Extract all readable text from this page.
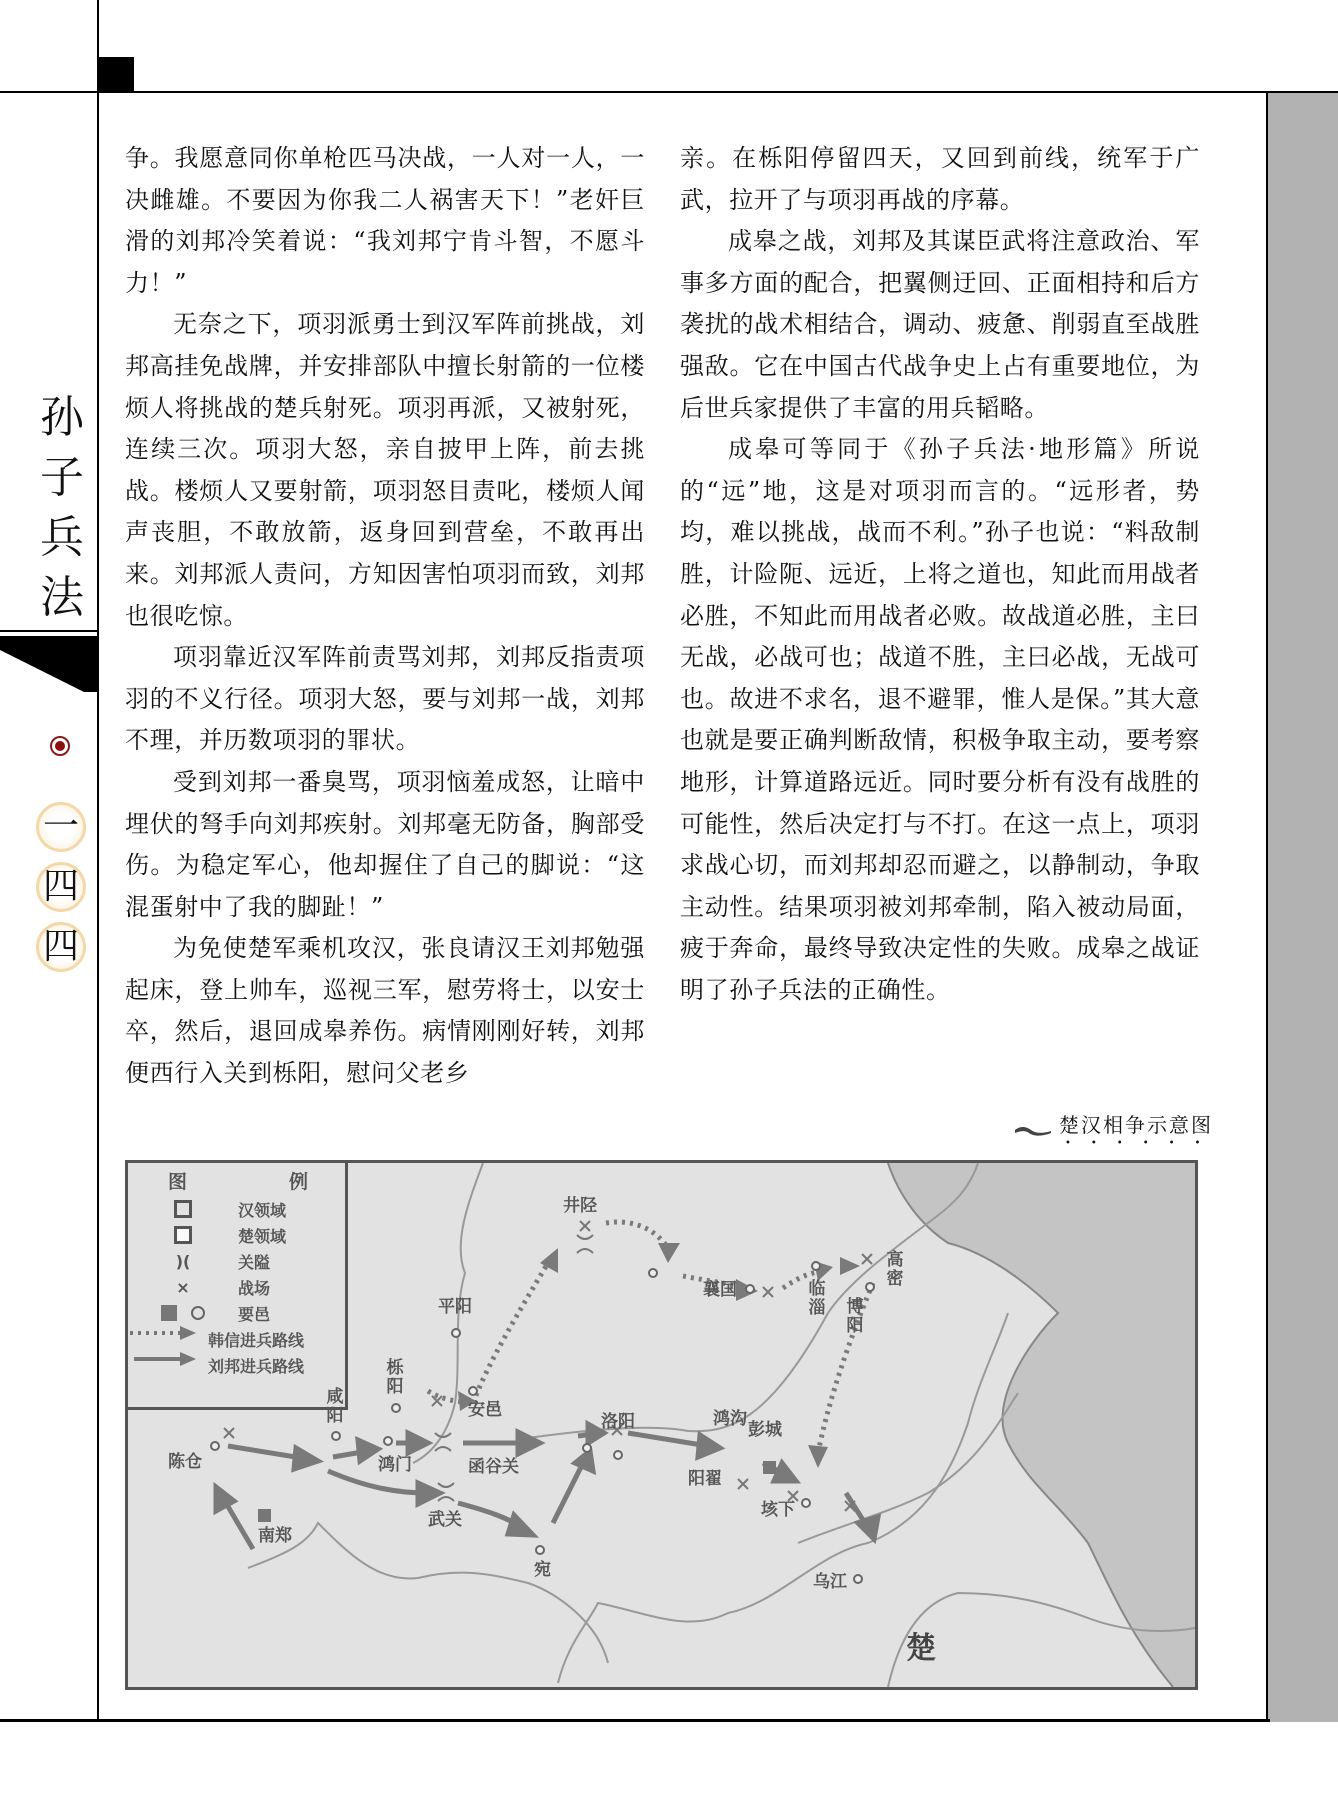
孙
子
兵
法
一
四
四

争。我愿意同你单枪匹马决战，一人对一人，一决雌雄。不要因为你我二人祸害天下！”老奸巨滑的刘邦冷笑着说：“我刘邦宁肯斗智，不愿斗力！”

无奈之下，项羽派勇士到汉军阵前挑战，刘邦高挂免战牌，并安排部队中擅长射箭的一位楼烦人将挑战的楚兵射死。项羽再派，又被射死，连续三次。项羽大怒，亲自披甲上阵，前去挑战。楼烦人又要射箭，项羽怒目责叱，楼烦人闻声丧胆，不敢放箭，返身回到营垒，不敢再出来。刘邦派人责问，方知因害怕项羽而致，刘邦也很吃惊。

项羽靠近汉军阵前责骂刘邦，刘邦反指责项羽的不义行径。项羽大怒，要与刘邦一战，刘邦不理，并历数项羽的罪状。

受到刘邦一番臭骂，项羽恼羞成怒，让暗中埋伏的弩手向刘邦疾射。刘邦毫无防备，胸部受伤。为稳定军心，他却握住了自己的脚说：“这混蛋射中了我的脚趾！”

为免使楚军乘机攻汉，张良请汉王刘邦勉强起床，登上帅车，巡视三军，慰劳将士，以安士卒，然后，退回成皋养伤。病情刚刚好转，刘邦便西行入关到栎阳，慰问父老乡

亲。在栎阳停留四天，又回到前线，统军于广武，拉开了与项羽再战的序幕。

成皋之战，刘邦及其谋臣武将注意政治、军事多方面的配合，把翼侧迂回、正面相持和后方袭扰的战术相结合，调动、疲惫、削弱直至战胜强敌。它在中国古代战争史上占有重要地位，为后世兵家提供了丰富的用兵韬略。

成皋可等同于《孙子兵法·地形篇》所说的“远”地，这是对项羽而言的。“远形者，势均，难以挑战，战而不利。”孙子也说：“料敌制胜，计险阨、远近，上将之道也，知此而用战者必胜，不知此而用战者必败。故战道必胜，主曰无战，必战可也；战道不胜，主曰必战，无战可也。故进不求名，退不避罪，惟人是保。”其大意也就是要正确判断敌情，积极争取主动，要考察地形，计算道路远近。同时要分析有没有战胜的可能性，然后决定打与不打。在这一点上，项羽求战心切，而刘邦却忍而避之，以静制动，争取主动性。结果项羽被刘邦牵制，陷入被动局面，疲于奔命，最终导致决定性的失败。成皋之战证明了孙子兵法的正确性。

楚汉相争示意图
••••••
图	例
汉领域
楚领域
)(	关隘
×	战场
要邑
韩信进兵路线
刘邦进兵路线
陈仓
咸阳
栎阳
鸿门	函谷关
武关
南郑
宛
安邑
平阳
井陉
襄国
洛阳	鸿沟
阳翟
博阳
临淄
高密
彭城
垓下
乌江
楚
